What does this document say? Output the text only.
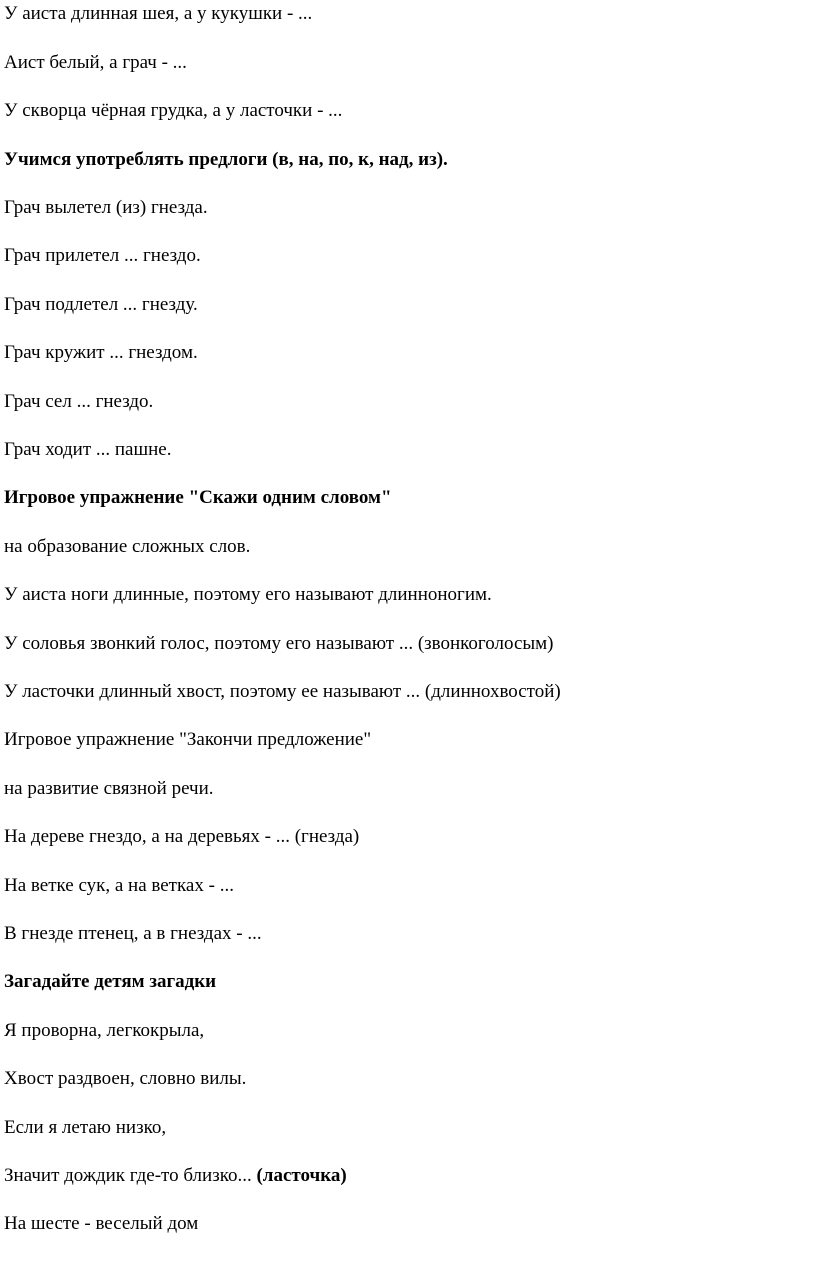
У аиста длинная шея, а у кукушки - ...
Аист белый, а грач - ...
У скворца чёрная грудка, а у ласточки - ...
Учимся употреблять предлоги (в, на, по, к, над, из).
Грач вылетел (из) гнезда.
Грач прилетел ... гнездо.
Грач подлетел ... гнезду.
Грач кружит ... гнездом.
Грач сел ... гнездо.
Грач ходит ... пашне.
Игровое упражнение "Скажи одним словом"
на образование сложных слов.
У аиста ноги длинные, поэтому его называют длинноногим.
У соловья звонкий голос, поэтому его называют ... (звонкоголосым)
У ласточки длинный хвост, поэтому ее называют ... (длиннохвостой)
Игровое упражнение "Закончи предложение"
на развитие связной речи.
На дереве гнездо, а на деревьях - ... (гнезда)
На ветке сук, а на ветках - ...
В гнезде птенец, а в гнездах - ...
Загадайте детям загадки
Я проворна, легкокрыла,
Хвост раздвоен, словно вилы.
Если я летаю низко,
Значит дождик где-то близко... (ласточка)
На шесте - веселый дом
